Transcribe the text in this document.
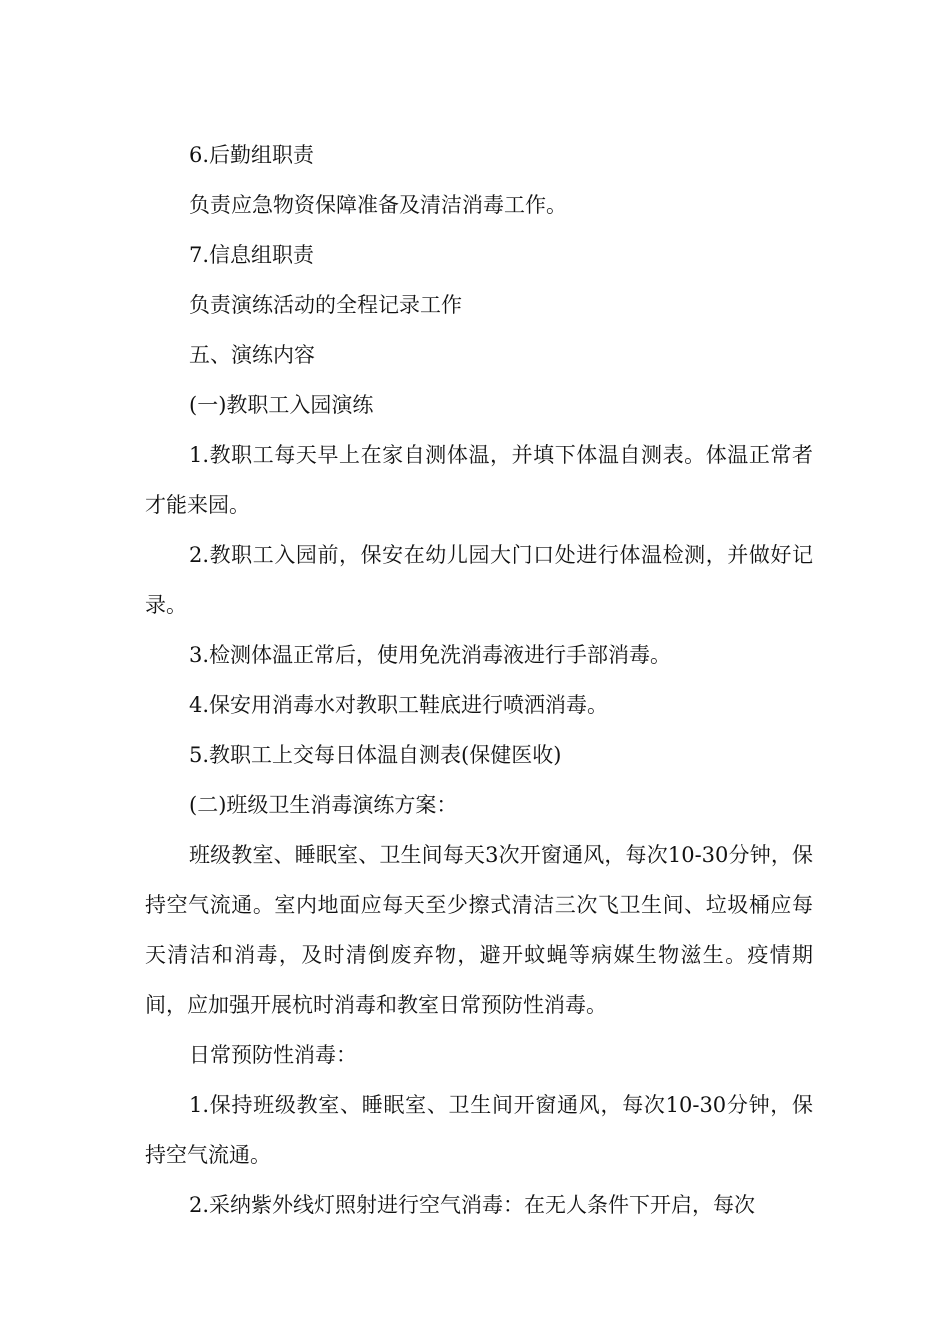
6.后勤组职责

负责应急物资保障准备及清洁消毒工作。

7.信息组职责

负责演练活动的全程记录工作

五、演练内容

(一)教职工入园演练

1.教职工每天早上在家自测体温，并填下体温自测表。体温正常者才能来园。

2.教职工入园前，保安在幼儿园大门口处进行体温检测，并做好记录。

3.检测体温正常后，使用免洗消毒液进行手部消毒。

4.保安用消毒水对教职工鞋底进行喷洒消毒。

5.教职工上交每日体温自测表(保健医收)

(二)班级卫生消毒演练方案：

班级教室、睡眠室、卫生间每天3次开窗通风，每次10-30分钟，保持空气流通。室内地面应每天至少擦式清洁三次飞卫生间、垃圾桶应每天清洁和消毒，及时清倒废弃物，避开蚊蝇等病媒生物滋生。疫情期间，应加强开展杭时消毒和教室日常预防性消毒。

日常预防性消毒：

1.保持班级教室、睡眠室、卫生间开窗通风，每次10-30分钟，保持空气流通。

2.采纳紫外线灯照射进行空气消毒：在无人条件下开启，每次
